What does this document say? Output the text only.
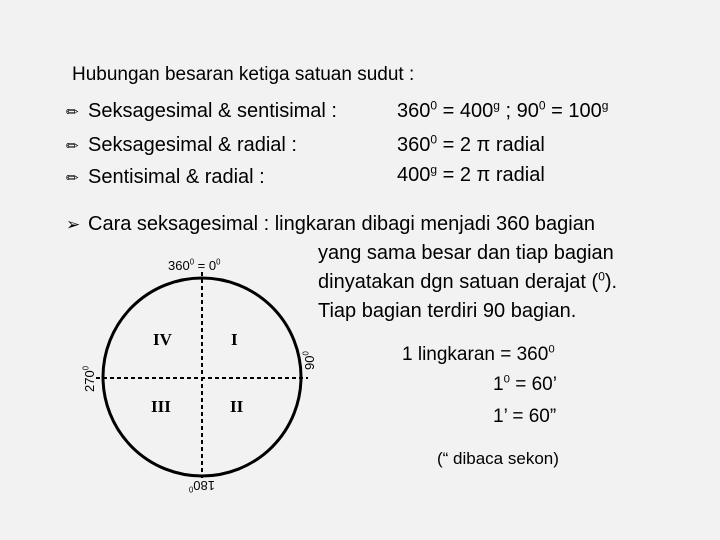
Hubungan besaran ketiga satuan sudut :
✏ Seksagesimal & sentisimal :
✏ Seksagesimal & radial :
✏ Sentisimal & radial :
$360^0 = 400^g$ ; $90^0 = 100^g$
$360^0 = 2$ π radial
$400^g = 2$ π radial
➢ Cara seksagesimal : lingkaran dibagi menjadi 360 bagian
yang sama besar dan tiap bagian
dinyatakan dgn satuan derajat ($^0$).
Tiap bagian terdiri 90 bagian.
$360^0 = 0^0$
$90^0$
$180^0$
$270^0$
IV	I
III	II
1 lingkaran = $360^0$
$1^0 = 60$’
1’ = 60”
(“ dibaca sekon)
